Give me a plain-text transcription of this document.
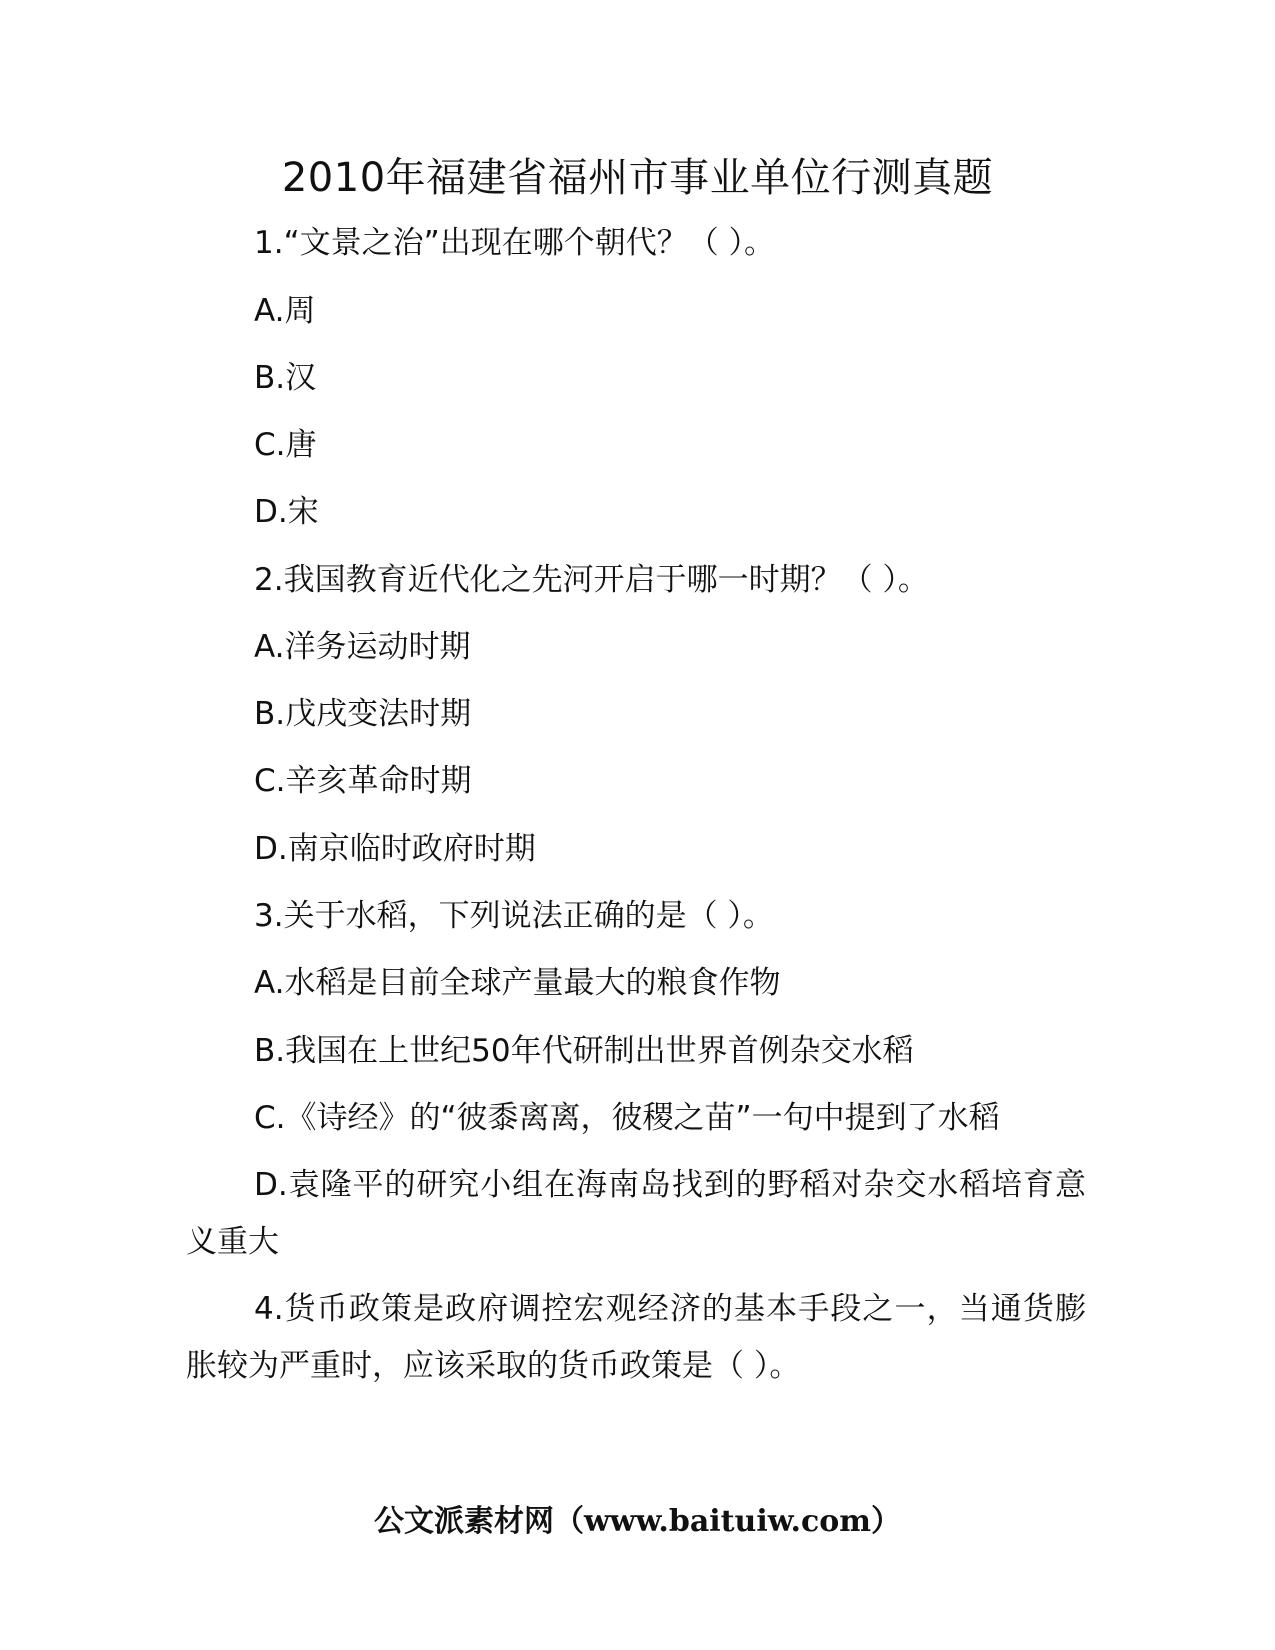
2010年福建省福州市事业单位行测真题
1.“文景之治”出现在哪个朝代？（ ）。
A.周
B.汉
C.唐
D.宋
2.我国教育近代化之先河开启于哪一时期？（ ）。
A.洋务运动时期
B.戊戌变法时期
C.辛亥革命时期
D.南京临时政府时期
3.关于水稻，下列说法正确的是（ ）。
A.水稻是目前全球产量最大的粮食作物
B.我国在上世纪50年代研制出世界首例杂交水稻
C.《诗经》的“彼黍离离，彼稷之苗”一句中提到了水稻
D.袁隆平的研究小组在海南岛找到的野稻对杂交水稻培育意义重大
4.货币政策是政府调控宏观经济的基本手段之一，当通货膨胀较为严重时，应该采取的货币政策是（ ）。
公文派素材网（www.baituiw.com）
